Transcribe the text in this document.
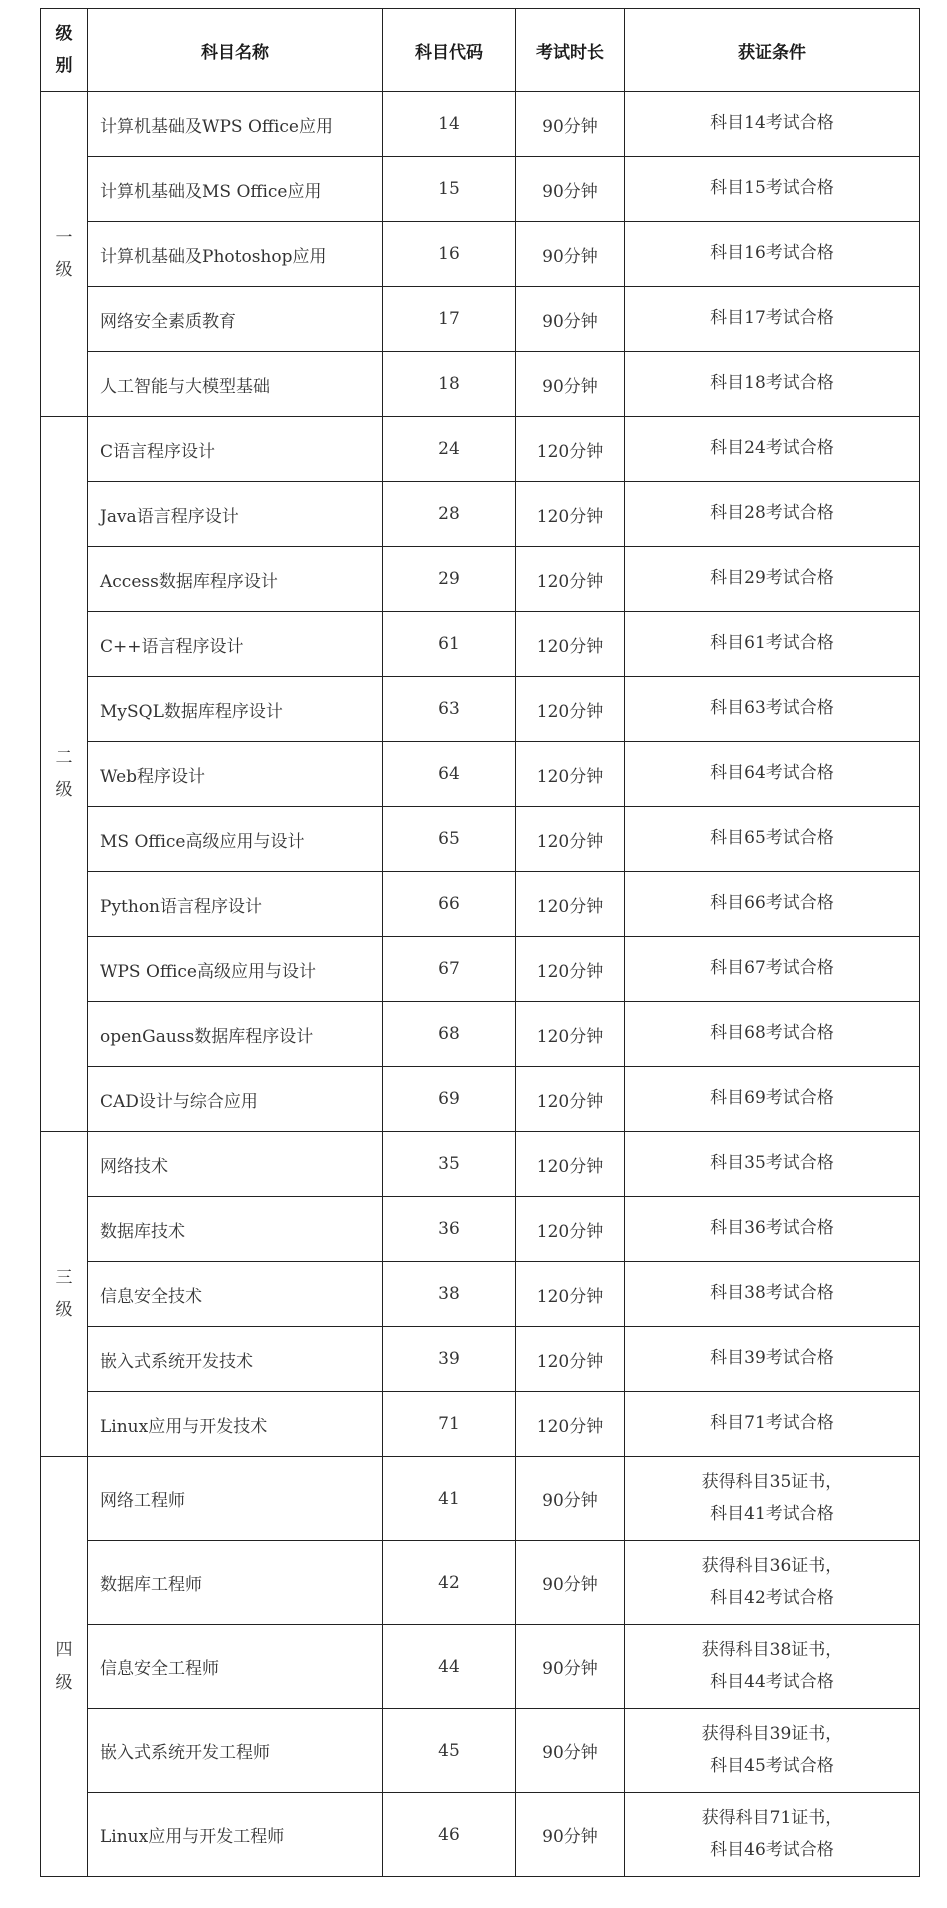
级别	科目名称	科目代码	考试时长	获证条件
一级	计算机基础及WPS Office应用	14	90分钟	科目14考试合格

	计算机基础及MS Office应用	15	90分钟	科目15考试合格

	计算机基础及Photoshop应用	16	90分钟	科目16考试合格

	网络安全素质教育	17	90分钟	科目17考试合格

	人工智能与大模型基础	18	90分钟	科目18考试合格

二级	C语言程序设计	24	120分钟	科目24考试合格

	Java语言程序设计	28	120分钟	科目28考试合格

	Access数据库程序设计	29	120分钟	科目29考试合格

	C++语言程序设计	61	120分钟	科目61考试合格

	MySQL数据库程序设计	63	120分钟	科目63考试合格

	Web程序设计	64	120分钟	科目64考试合格

	MS Office高级应用与设计	65	120分钟	科目65考试合格

	Python语言程序设计	66	120分钟	科目66考试合格

	WPS Office高级应用与设计	67	120分钟	科目67考试合格

	openGauss数据库程序设计	68	120分钟	科目68考试合格

	CAD设计与综合应用	69	120分钟	科目69考试合格

三级	网络技术	35	120分钟	科目35考试合格

	数据库技术	36	120分钟	科目36考试合格

	信息安全技术	38	120分钟	科目38考试合格

	嵌入式系统开发技术	39	120分钟	科目39考试合格

	Linux应用与开发技术	71	120分钟	科目71考试合格

四级	网络工程师	41	90分钟	获得科目35证书，
科目41考试合格

	数据库工程师	42	90分钟	获得科目36证书，
科目42考试合格

	信息安全工程师	44	90分钟	获得科目38证书，
科目44考试合格

	嵌入式系统开发工程师	45	90分钟	获得科目39证书，
科目45考试合格

	Linux应用与开发工程师	46	90分钟	获得科目71证书，
科目46考试合格
